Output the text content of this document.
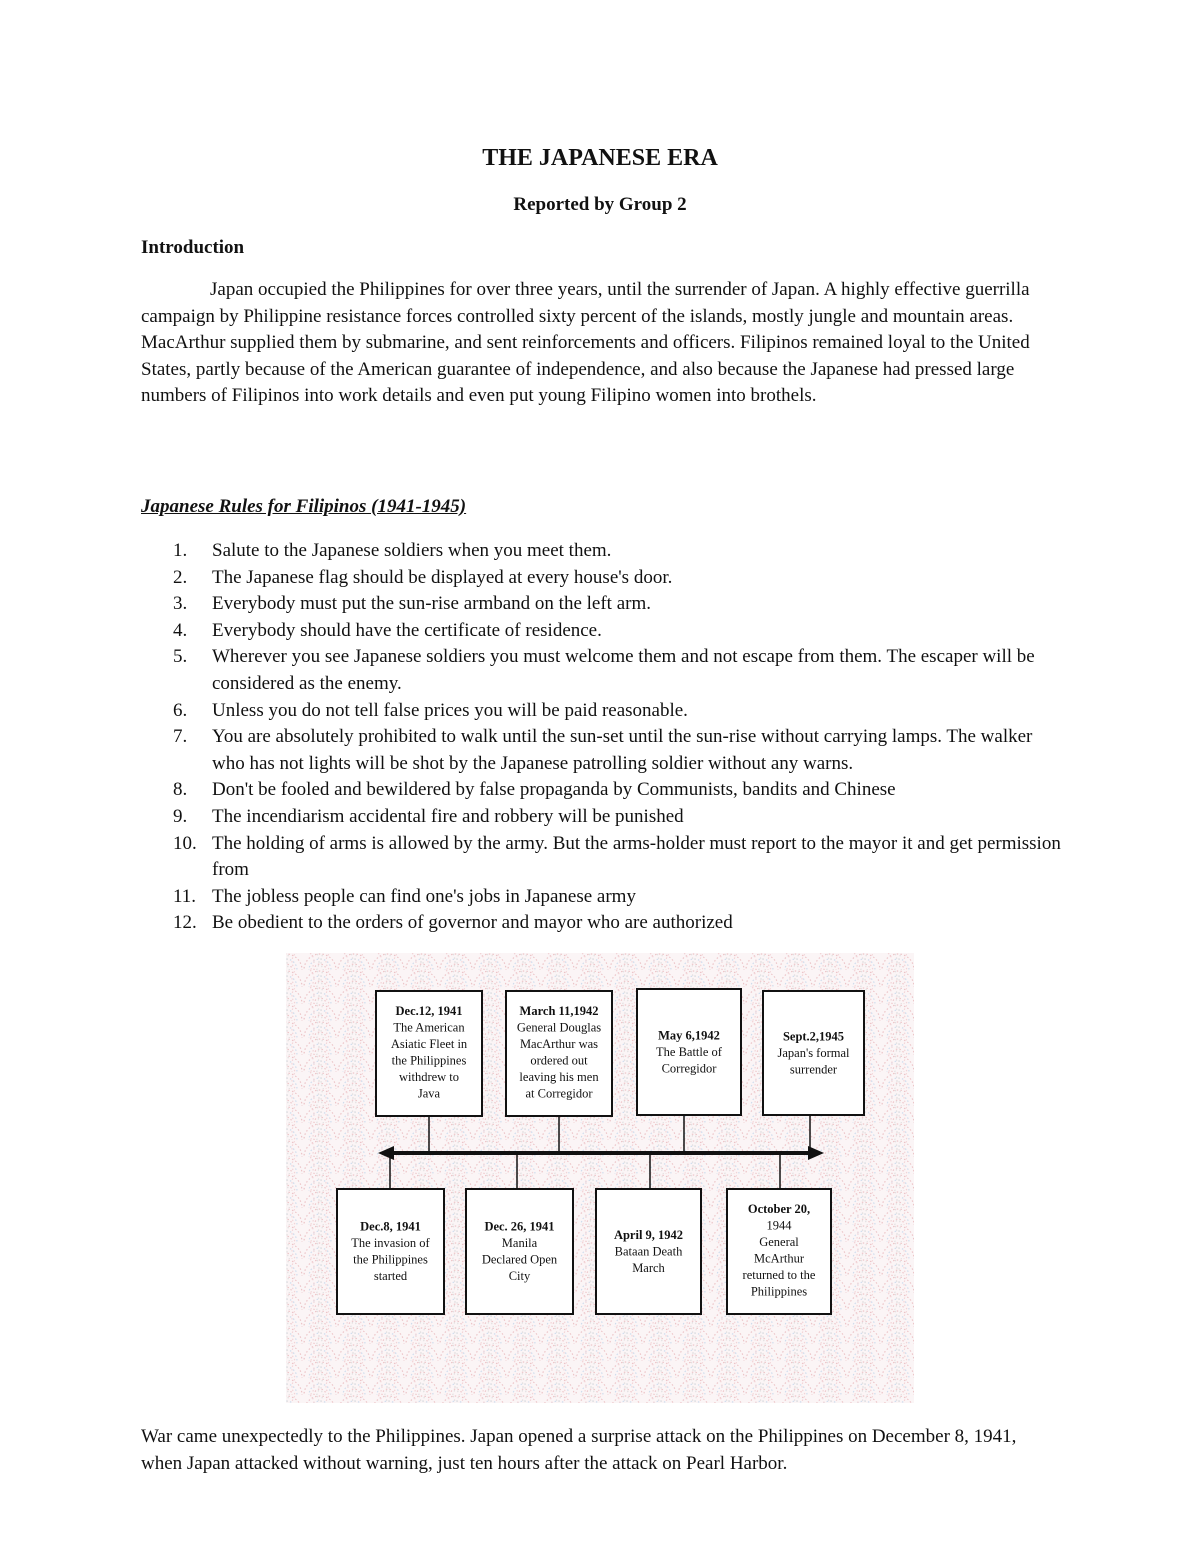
THE JAPANESE ERA
Reported by Group 2
Introduction

Japan occupied the Philippines for over three years, until the surrender of Japan. A highly effective guerrilla campaign by Philippine resistance forces controlled sixty percent of the islands, mostly jungle and mountain areas. MacArthur supplied them by submarine, and sent reinforcements and officers. Filipinos remained loyal to the United States, partly because of the American guarantee of independence, and also because the Japanese had pressed large numbers of Filipinos into work details and even put young Filipino women into brothels.

Japanese Rules for Filipinos (1941-1945)
1. Salute to the Japanese soldiers when you meet them.
2. The Japanese flag should be displayed at every house's door.
3. Everybody must put the sun-rise armband on the left arm.
4. Everybody should have the certificate of residence.
5. Wherever you see Japanese soldiers you must welcome them and not escape from them. The escaper will be considered as the enemy.
6. Unless you do not tell false prices you will be paid reasonable.
7. You are absolutely prohibited to walk until the sun-set until the sun-rise without carrying lamps. The walker who has not lights will be shot by the Japanese patrolling soldier without any warns.
8. Don't be fooled and bewildered by false propaganda by Communists, bandits and Chinese
9. The incendiarism accidental fire and robbery will be punished
10. The holding of arms is allowed by the army. But the arms-holder must report to the mayor it and get permission from
11. The jobless people can find one's jobs in Japanese army
12. Be obedient to the orders of governor and mayor who are authorized
Dec.12, 1941
The American
Asiatic Fleet in
the Philippines
withdrew to
Java
March 11,1942
General Douglas
MacArthur was
ordered out
leaving his men
at Corregidor
May 6,1942
The Battle of
Corregidor
Sept.2,1945
Japan's formal
surrender
Dec.8, 1941
The invasion of
the Philippines
started
Dec. 26, 1941
Manila
Declared Open
City
April 9, 1942
Bataan Death
March
October 20,
1944
General
McArthur
returned to the
Philippines

War came unexpectedly to the Philippines. Japan opened a surprise attack on the Philippines on December 8, 1941, when Japan attacked without warning, just ten hours after the attack on Pearl Harbor.
